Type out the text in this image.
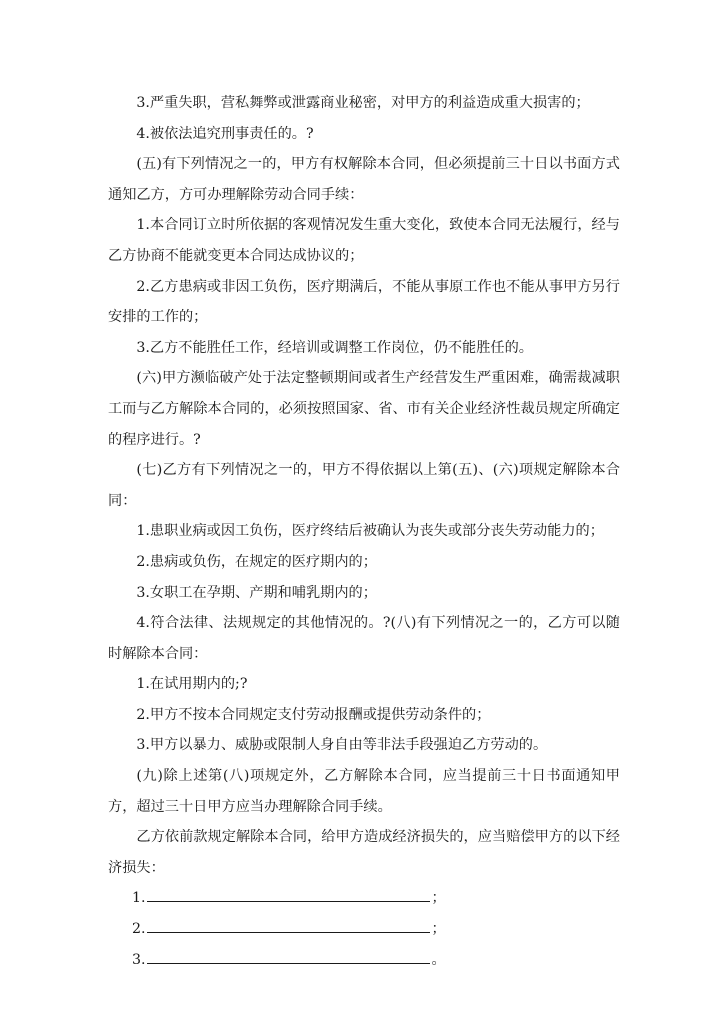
3.严重失职，营私舞弊或泄露商业秘密，对甲方的利益造成重大损害的；

4.被依法追究刑事责任的。?

(五)有下列情况之一的，甲方有权解除本合同，但必须提前三十日以书面方式通知乙方，方可办理解除劳动合同手续：

1.本合同订立时所依据的客观情况发生重大变化，致使本合同无法履行，经与乙方协商不能就变更本合同达成协议的；

2.乙方患病或非因工负伤，医疗期满后，不能从事原工作也不能从事甲方另行安排的工作的；

3.乙方不能胜任工作，经培训或调整工作岗位，仍不能胜任的。

(六)甲方濒临破产处于法定整顿期间或者生产经营发生严重困难，确需裁减职工而与乙方解除本合同的，必须按照国家、省、市有关企业经济性裁员规定所确定的程序进行。?

(七)乙方有下列情况之一的，甲方不得依据以上第(五)、(六)项规定解除本合同：

1.患职业病或因工负伤，医疗终结后被确认为丧失或部分丧失劳动能力的；

2.患病或负伤，在规定的医疗期内的；

3.女职工在孕期、产期和哺乳期内的；

4.符合法律、法规规定的其他情况的。?(八)有下列情况之一的，乙方可以随时解除本合同：

1.在试用期内的;?

2.甲方不按本合同规定支付劳动报酬或提供劳动条件的；

3.甲方以暴力、威胁或限制人身自由等非法手段强迫乙方劳动的。

(九)除上述第(八)项规定外，乙方解除本合同，应当提前三十日书面通知甲方，超过三十日甲方应当办理解除合同手续。

乙方依前款规定解除本合同，给甲方造成经济损失的，应当赔偿甲方的以下经济损失：

1.	；
2.	；
3.	。
